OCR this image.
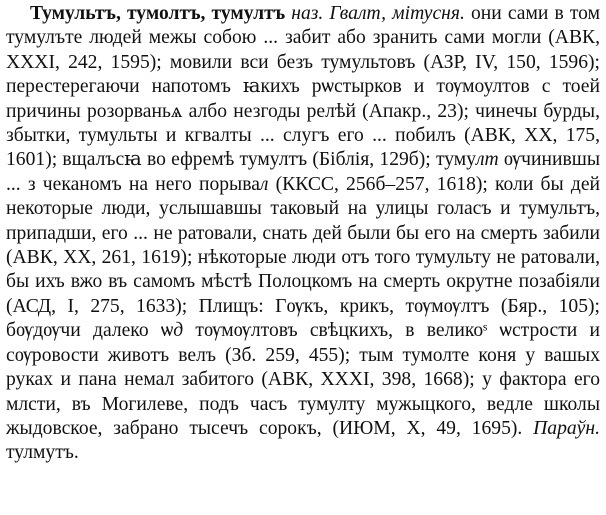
Тумультъ, тумолтъ, тумултъ наз. Гвалт, мітусня. они сами в том тумулъте людей межы собою ... забит або зранить сами могли (АВК, XXXI, 242, 1595); мовили вси безъ тумультовъ (АЗР, IV, 150, 1596); перестерегаючи напотомъ ꙗкихъ рѡстырков и тѹмоултов с тоей причины розорваньѧ албо незгоды релѣй (Апакр., 23); чинечы бурды, збытки, тумульты и кгвалты ... слугъ его ... побилъ (АВК, XX, 175, 1601); вщалъсꙗ во ефремѣ тумултъ (Біблія, 129б); тумулт ѹчинившы ... з чеканомъ на него порывал (ККСС, 256б–257, 1618); коли бы дей некоторые люди, услышавшы таковый на улицы голасъ и тумультъ, припадши, его ... не ратовали, снать дей были бы его на смерть забили (АВК, XX, 261, 1619); нѣкоторые люди отъ того тумульту не ратовали, бы ихъ вжо въ самомъ мѣстѣ Полоцкомъ на смерть окрутне позабіяли (АСД, I, 275, 1633); Плищъ: Гѹкъ, крикъ, тѹмѹлтъ (Бяр., 105); бѹдѹчи далеко ѡд тѹмѹлтовъ свѣцкихъ, в великоˢ ѡстрости и сѹровости животъ велъ (Зб. 259, 455); тым тумолте коня у вашых руках и пана немал забитого (АВК, XXXI, 398, 1668); у фактора его млсти, въ Могилеве, подъ часъ тумулту мужыцкого, ведле школы жыдовское, забрано тысечъ сорокъ, (ИЮМ, X, 49, 1695). Параўн. тулмутъ.
